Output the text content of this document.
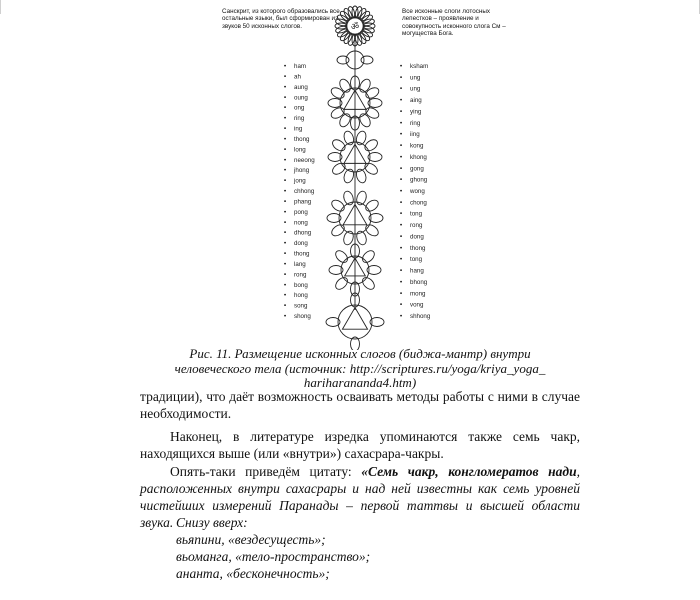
Санскрит, из которого образовались все остальные языки, был сформирован из звуков 50 исконных слогов.
Все исконные слоги лотосных лепестков – проявление и совокупность исконного слога См – могущества Бога.
ॐ
ham
•
ah
•
aung
•
oung
•
ong
•
ring
•
ing
•
thong
•
long
•
neeong
•
jhong
•
jong
•
chhong
•
phang
•
pong
•
nong
•
dhong
•
dong
•
thong
•
lang
•
rong
•
bong
•
hong
•
song
•
shong
•
ksham
•
ung
•
ung
•
aing
•
ying
•
ring
•
iing
•
kong
•
khong
•
gong
•
ghong
•
wong
•
chong
•
tong
•
rong
•
dong
•
thong
•
tong
•
hang
•
bhong
•
mong
•
vong
•
shhong
•
Рис. 11. Размещение исконных слогов (биджа-мантр) внутри человеческого тела (источник: http://scriptures.ru/yoga/kriya_yoga_ hariharananda4.htm)
традиции), что даёт возможность осваивать методы работы с ними в случае необходимости.
Наконец, в литературе изредка упоминаются также семь чакр, находящихся выше (или «внутри») сахасрара-чакры.
Опять-таки приведём цитату: «Семь чакр, конгломератов нади, расположенных внутри сахасрары и над ней известны как семь уровней чистейших измерений Паранады – первой таттвы и высшей области звука. Снизу вверх:
вьяпини, «вездесущесть»;
вьоманга, «тело-пространство»;
ананта, «бесконечность»;
